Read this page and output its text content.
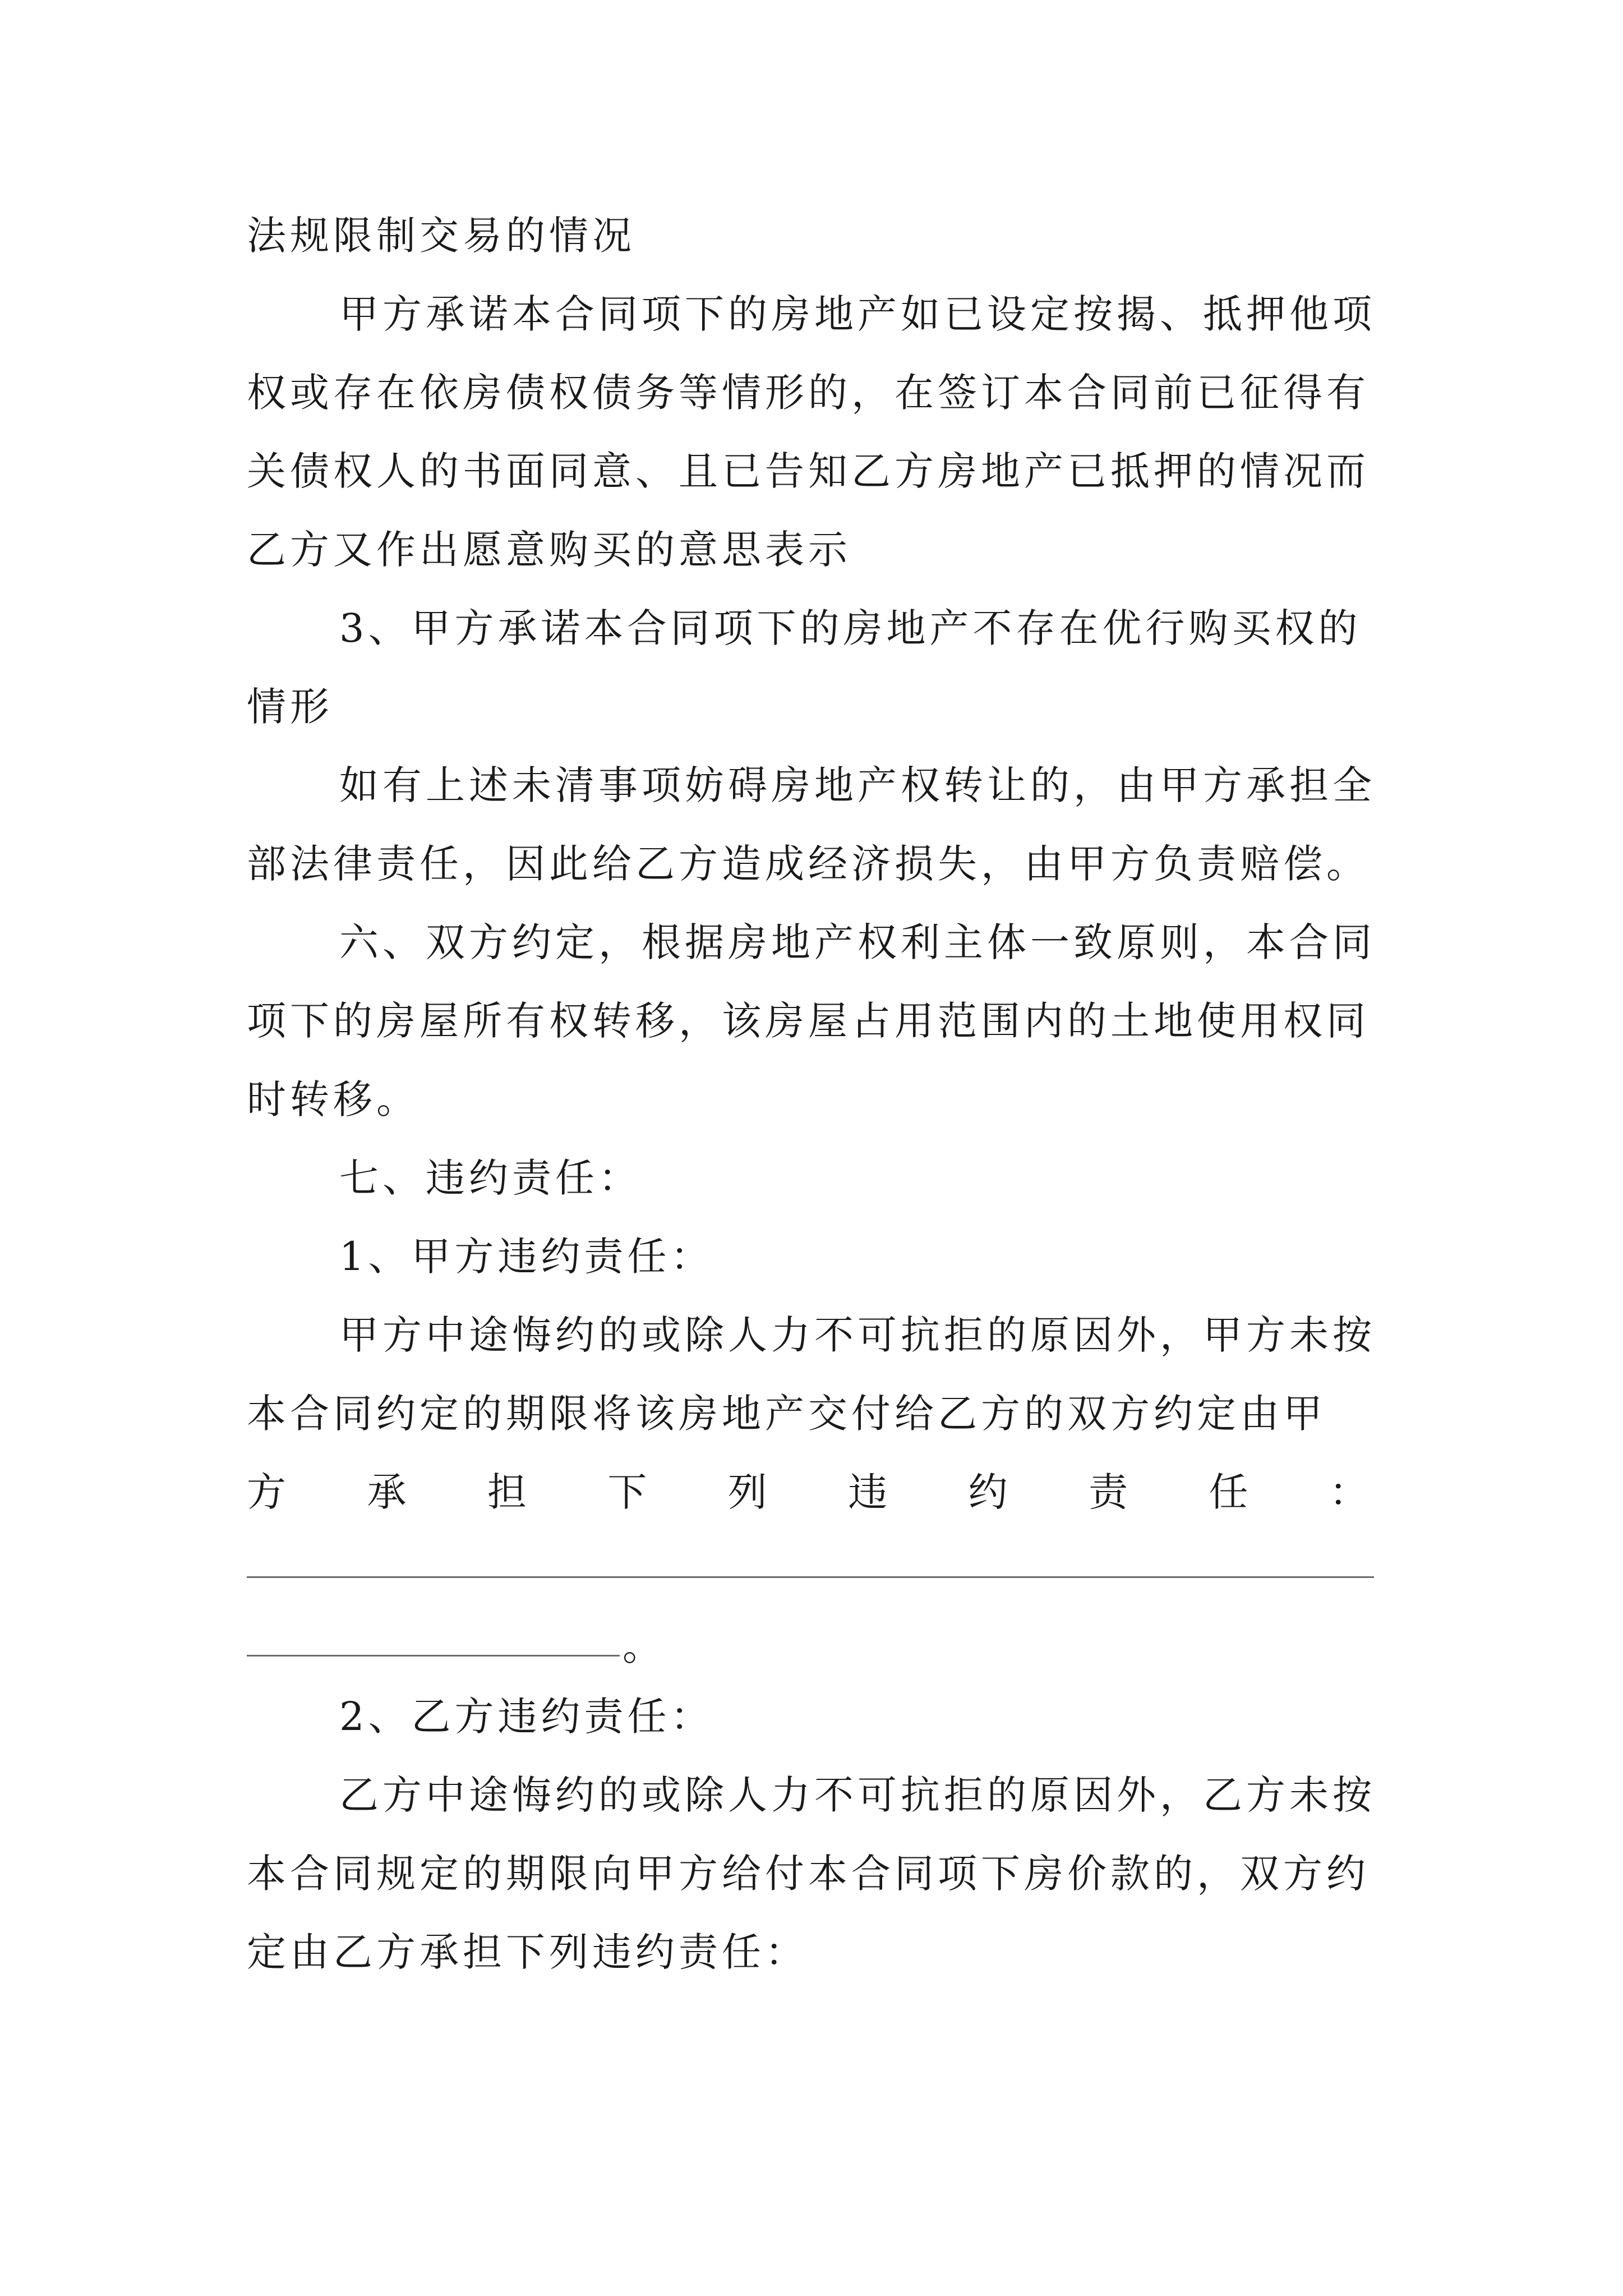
法规限制交易的情况
甲方承诺本合同项下的房地产如已设定按揭、抵押他项
权或存在依房债权债务等情形的，在签订本合同前已征得有
关债权人的书面同意、且已告知乙方房地产已抵押的情况而
乙方又作出愿意购买的意思表示
3、甲方承诺本合同项下的房地产不存在优行购买权的
情形
如有上述未清事项妨碍房地产权转让的，由甲方承担全
部法律责任，因此给乙方造成经济损失，由甲方负责赔偿。
六、双方约定，根据房地产权利主体一致原则，本合同
项下的房屋所有权转移，该房屋占用范围内的土地使用权同
时转移。
七、违约责任：
1、甲方违约责任：
甲方中途悔约的或除人力不可抗拒的原因外，甲方未按
本合同约定的期限将该房地产交付给乙方的双方约定由甲
方 承 担 下 列 违 约 责 任 ：
。
2、乙方违约责任：
乙方中途悔约的或除人力不可抗拒的原因外，乙方未按
本合同规定的期限向甲方给付本合同项下房价款的，双方约
定由乙方承担下列违约责任：
